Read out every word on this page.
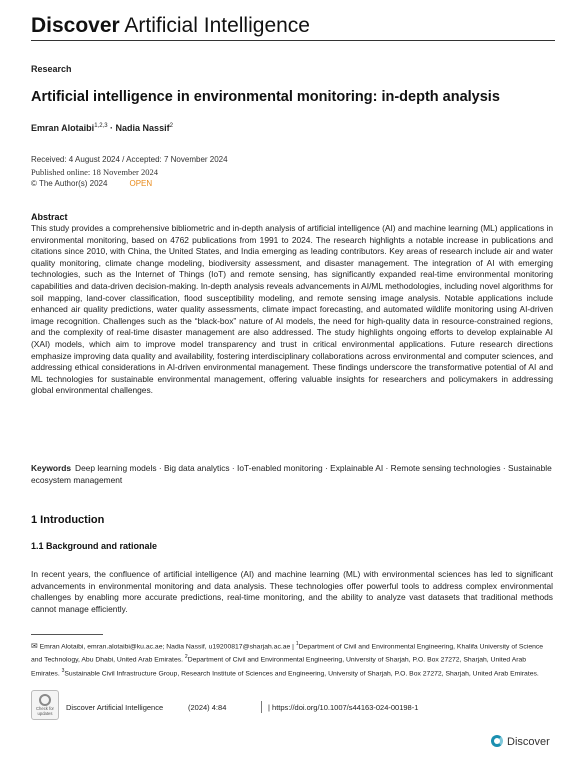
Discover Artificial Intelligence
Research
Artificial intelligence in environmental monitoring: in-depth analysis
Emran Alotaibi$^{1,2,3}$ · Nadia Nassif$^2$
Received: 4 August 2024 / Accepted: 7 November 2024
Published online: 18 November 2024
© The Author(s) 2024	OPEN
Abstract
This study provides a comprehensive bibliometric and in-depth analysis of artificial intelligence (AI) and machine learning (ML) applications in environmental monitoring, based on 4762 publications from 1991 to 2024. The research highlights a notable increase in publications and citations since 2010, with China, the United States, and India emerging as leading contributors. Key areas of research include air and water quality monitoring, climate change modeling, biodiversity assessment, and disaster management. The integration of AI with emerging technologies, such as the Internet of Things (IoT) and remote sensing, has significantly expanded real-time environmental monitoring capabilities and data-driven decision-making. In-depth analysis reveals advancements in AI/ML methodologies, including novel algorithms for soil mapping, land-cover classification, flood susceptibility modeling, and remote sensing image analysis. Notable applications include enhanced air quality predictions, water quality assessments, climate impact forecasting, and automated wildlife monitoring using AI-driven image recognition. Challenges such as the “black-box” nature of AI models, the need for high-quality data in resource-constrained regions, and the complexity of real-time disaster management are also addressed. The study highlights ongoing efforts to develop explainable AI (XAI) models, which aim to improve model transparency and trust in critical environmental applications. Future research directions emphasize improving data quality and availability, fostering interdisciplinary collaborations across environmental and computer sciences, and addressing ethical considerations in AI-driven environmental management. These findings underscore the transformative potential of AI and ML technologies for sustainable environmental management, offering valuable insights for researchers and policymakers in addressing global environmental challenges.
Keywords Deep learning models · Big data analytics · IoT-enabled monitoring · Explainable AI · Remote sensing technologies · Sustainable ecosystem management
1 Introduction
1.1 Background and rationale
In recent years, the confluence of artificial intelligence (AI) and machine learning (ML) with environmental sciences has led to significant advancements in environmental monitoring and data analysis. These technologies offer powerful tools to address complex environmental challenges by enabling more accurate predictions, real-time monitoring, and the ability to analyze vast datasets that traditional methods cannot manage efficiently.
✉ Emran Alotaibi, emran.alotaibi@ku.ac.ae; Nadia Nassif, u19200817@sharjah.ac.ae | $^1$Department of Civil and Environmental Engineering, Khalifa University of Science and Technology, Abu Dhabi, United Arab Emirates. $^2$Department of Civil and Environmental Engineering, University of Sharjah, P.O. Box 27272, Sharjah, United Arab Emirates. $^3$Sustainable Civil Infrastructure Group, Research Institute of Sciences and Engineering, University of Sharjah, P.O. Box 27272, Sharjah, United Arab Emirates.
Check for updates
Discover Artificial Intelligence	(2024) 4:84	| https://doi.org/10.1007/s44163-024-00198-1
Discover
